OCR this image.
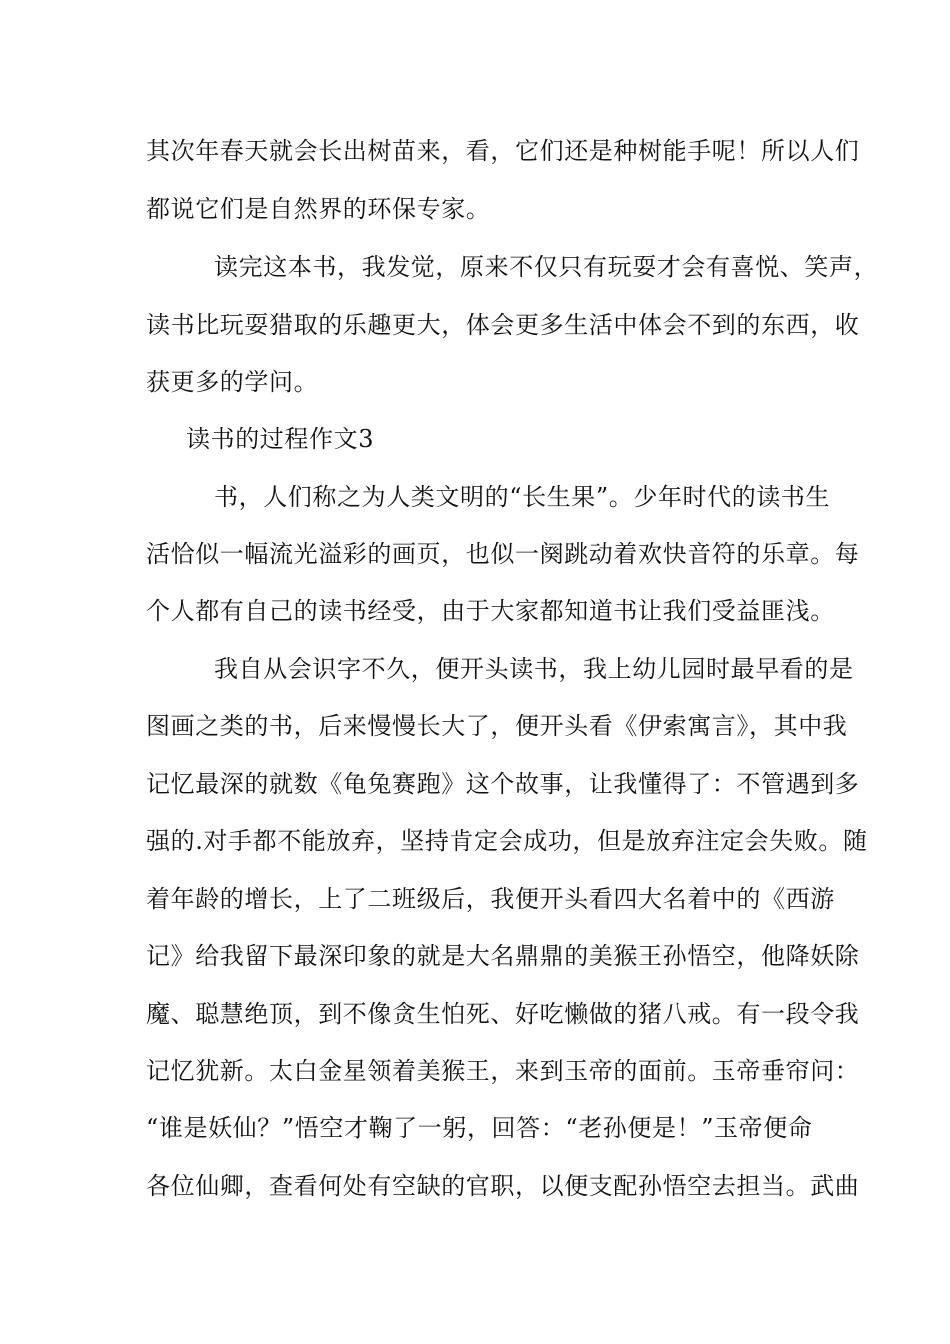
其次年春天就会长出树苗来，看，它们还是种树能手呢！所以人们
都说它们是自然界的环保专家。
读完这本书，我发觉，原来不仅只有玩耍才会有喜悦、笑声，
读书比玩耍猎取的乐趣更大，体会更多生活中体会不到的东西，收
获更多的学问。
读书的过程作文3
书，人们称之为人类文明的“长生果”。少年时代的读书生
活恰似一幅流光溢彩的画页，也似一阕跳动着欢快音符的乐章。每
个人都有自己的读书经受，由于大家都知道书让我们受益匪浅。
我自从会识字不久，便开头读书，我上幼儿园时最早看的是
图画之类的书，后来慢慢长大了，便开头看《伊索寓言》，其中我
记忆最深的就数《龟兔赛跑》这个故事，让我懂得了：不管遇到多
强的.对手都不能放弃，坚持肯定会成功，但是放弃注定会失败。随
着年龄的增长，上了二班级后，我便开头看四大名着中的《西游
记》给我留下最深印象的就是大名鼎鼎的美猴王孙悟空，他降妖除
魔、聪慧绝顶，到不像贪生怕死、好吃懒做的猪八戒。有一段令我
记忆犹新。太白金星领着美猴王，来到玉帝的面前。玉帝垂帘问：
“谁是妖仙？”悟空才鞠了一躬，回答：“老孙便是！”玉帝便命
各位仙卿，查看何处有空缺的官职，以便支配孙悟空去担当。武曲
